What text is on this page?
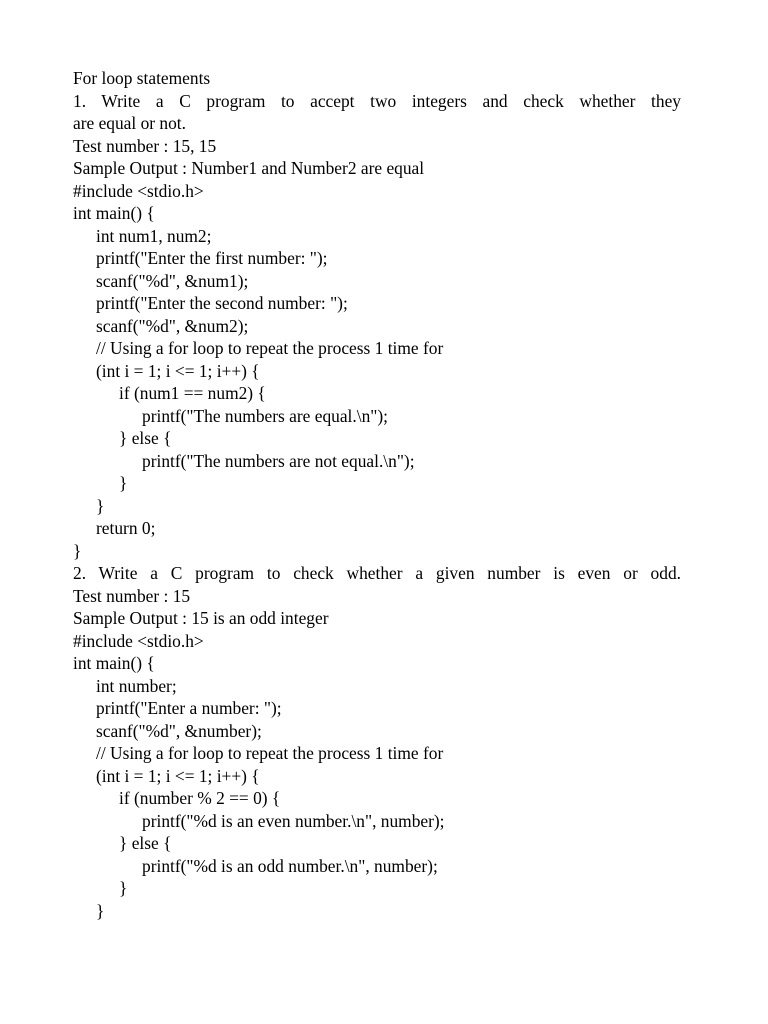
For loop statements
1. Write a C program to accept two integers and check whether they
are equal or not.
Test number : 15, 15
Sample Output : Number1 and Number2 are equal
#include <stdio.h>
int main() {
int num1, num2;
printf("Enter the first number: ");
scanf("%d", &num1);
printf("Enter the second number: ");
scanf("%d", &num2);
// Using a for loop to repeat the process 1 time for
(int i = 1; i <= 1; i++) {
if (num1 == num2) {
printf("The numbers are equal.\n");
} else {
printf("The numbers are not equal.\n");
}
}
return 0;
}
2. Write a C program to check whether a given number is even or odd.
Test number : 15
Sample Output : 15 is an odd integer
#include <stdio.h>
int main() {
int number;
printf("Enter a number: ");
scanf("%d", &number);
// Using a for loop to repeat the process 1 time for
(int i = 1; i <= 1; i++) {
if (number % 2 == 0) {
printf("%d is an even number.\n", number);
} else {
printf("%d is an odd number.\n", number);
}
}
